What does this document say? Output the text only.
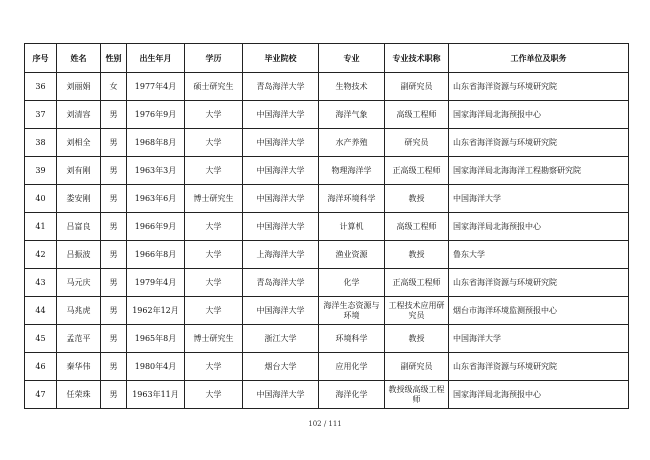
序号	姓名	性别	出生年月	学历	毕业院校	专业	专业技术职称	工作单位及职务
36	刘丽娟	女	1977年4月	硕士研究生	青岛海洋大学	生物技术	副研究员	山东省海洋资源与环境研究院
37	刘清容	男	1976年9月	大学	中国海洋大学	海洋气象	高级工程师	国家海洋局北海预报中心
38	刘相全	男	1968年8月	大学	中国海洋大学	水产养殖	研究员	山东省海洋资源与环境研究院
39	刘有刚	男	1963年3月	大学	中国海洋大学	物理海洋学	正高级工程师	国家海洋局北海海洋工程勘察研究院
40	娄安刚	男	1963年6月	博士研究生	中国海洋大学	海洋环境科学	教授	中国海洋大学
41	吕富良	男	1966年9月	大学	中国海洋大学	计算机	高级工程师	国家海洋局北海预报中心
42	吕振波	男	1966年8月	大学	上海海洋大学	渔业资源	教授	鲁东大学
43	马元庆	男	1979年4月	大学	青岛海洋大学	化学	正高级工程师	山东省海洋资源与环境研究院
44	马兆虎	男	1962年12月	大学	中国海洋大学	海洋生态资源与环境	工程技术应用研究员	烟台市海洋环境监测预报中心
45	孟范平	男	1965年8月	博士研究生	浙江大学	环境科学	教授	中国海洋大学
46	秦华伟	男	1980年4月	大学	烟台大学	应用化学	副研究员	山东省海洋资源与环境研究院
47	任荣珠	男	1963年11月	大学	中国海洋大学	海洋化学	教授级高级工程师	国家海洋局北海预报中心
102 / 111
